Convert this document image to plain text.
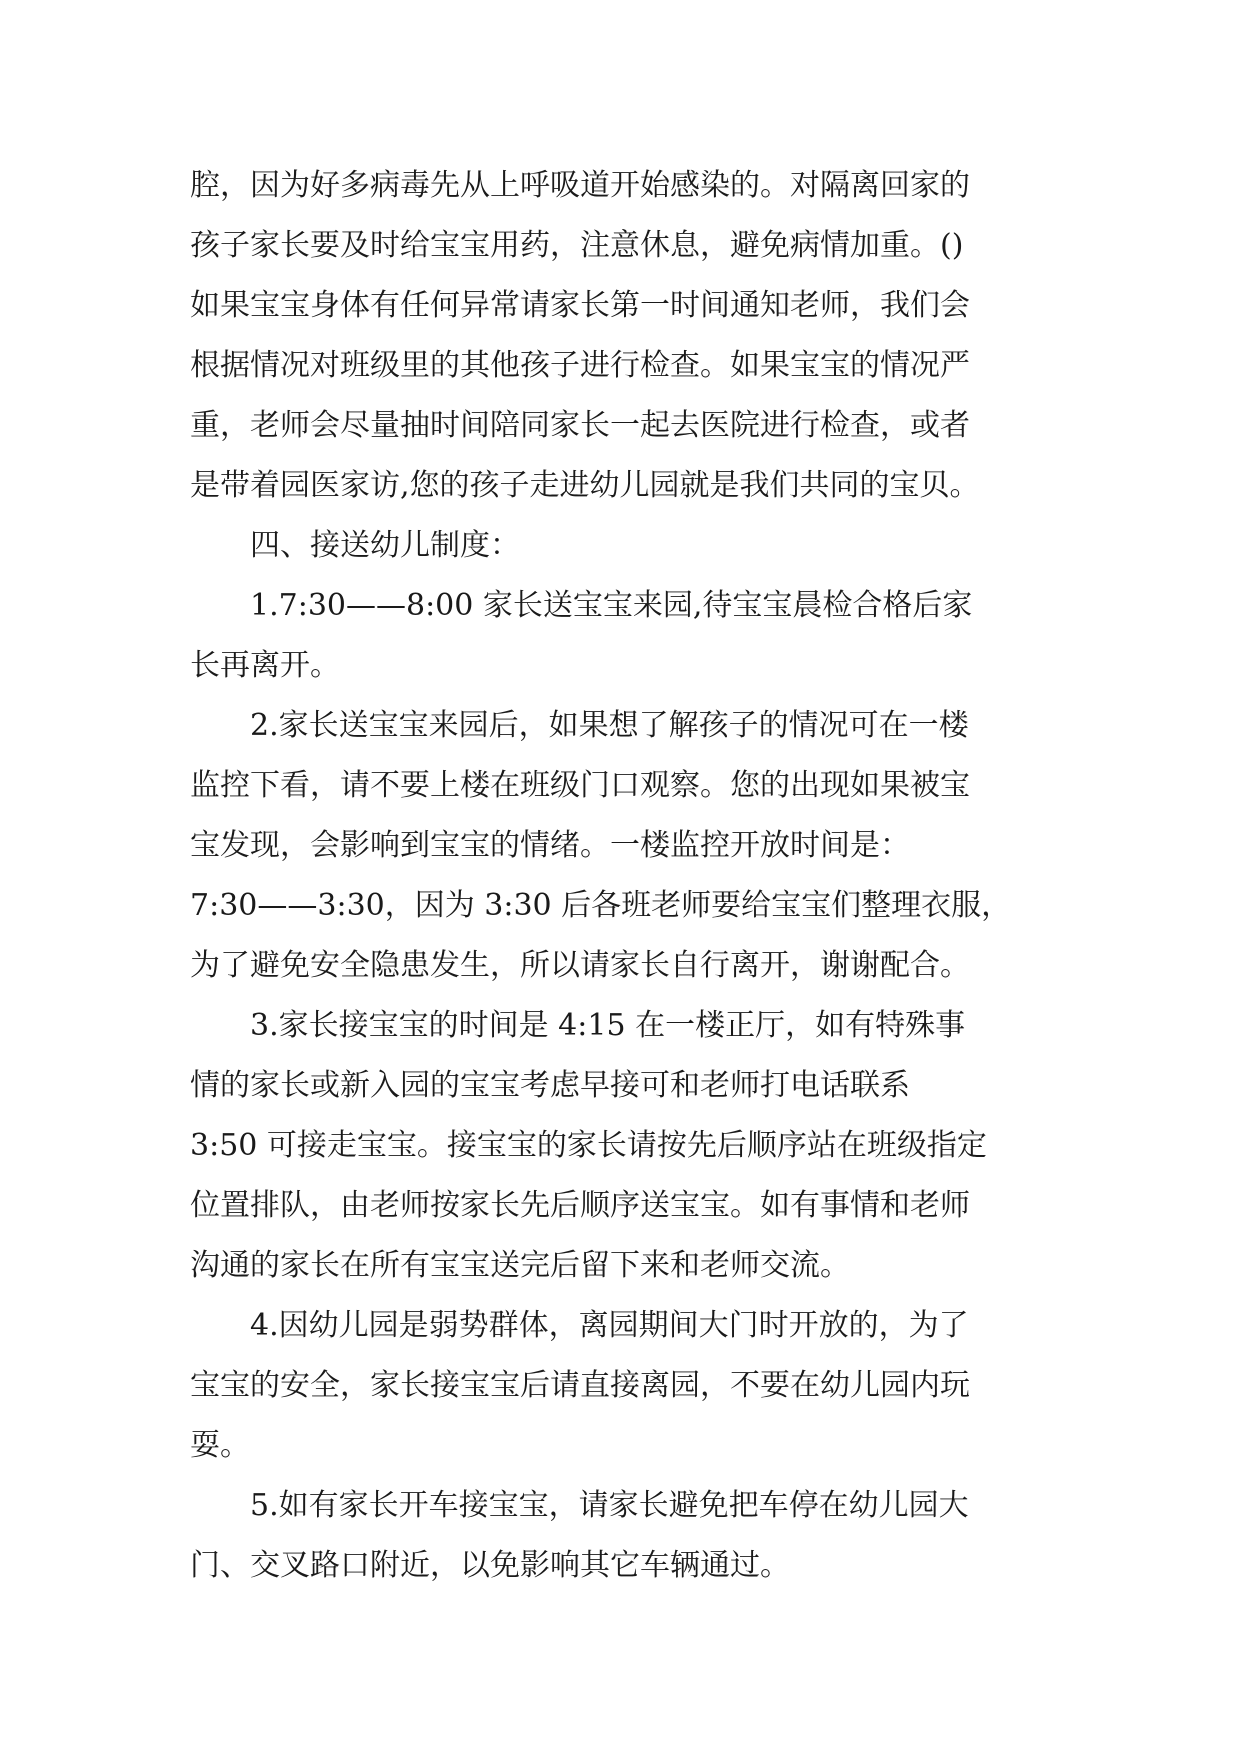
腔，因为好多病毒先从上呼吸道开始感染的。对隔离回家的
孩子家长要及时给宝宝用药，注意休息，避免病情加重。()
如果宝宝身体有任何异常请家长第一时间通知老师，我们会
根据情况对班级里的其他孩子进行检查。如果宝宝的情况严
重，老师会尽量抽时间陪同家长一起去医院进行检查，或者
是带着园医家访,您的孩子走进幼儿园就是我们共同的宝贝。
四、接送幼儿制度：
1.7:30——8:00 家长送宝宝来园,待宝宝晨检合格后家
长再离开。
2.家长送宝宝来园后，如果想了解孩子的情况可在一楼
监控下看，请不要上楼在班级门口观察。您的出现如果被宝
宝发现，会影响到宝宝的情绪。一楼监控开放时间是：
7:30——3:30，因为 3:30 后各班老师要给宝宝们整理衣服，
为了避免安全隐患发生，所以请家长自行离开，谢谢配合。
3.家长接宝宝的时间是 4:15 在一楼正厅，如有特殊事
情的家长或新入园的宝宝考虑早接可和老师打电话联系
3:50 可接走宝宝。接宝宝的家长请按先后顺序站在班级指定
位置排队，由老师按家长先后顺序送宝宝。如有事情和老师
沟通的家长在所有宝宝送完后留下来和老师交流。
4.因幼儿园是弱势群体，离园期间大门时开放的，为了
宝宝的安全，家长接宝宝后请直接离园，不要在幼儿园内玩
耍。
5.如有家长开车接宝宝，请家长避免把车停在幼儿园大
门、交叉路口附近，以免影响其它车辆通过。
